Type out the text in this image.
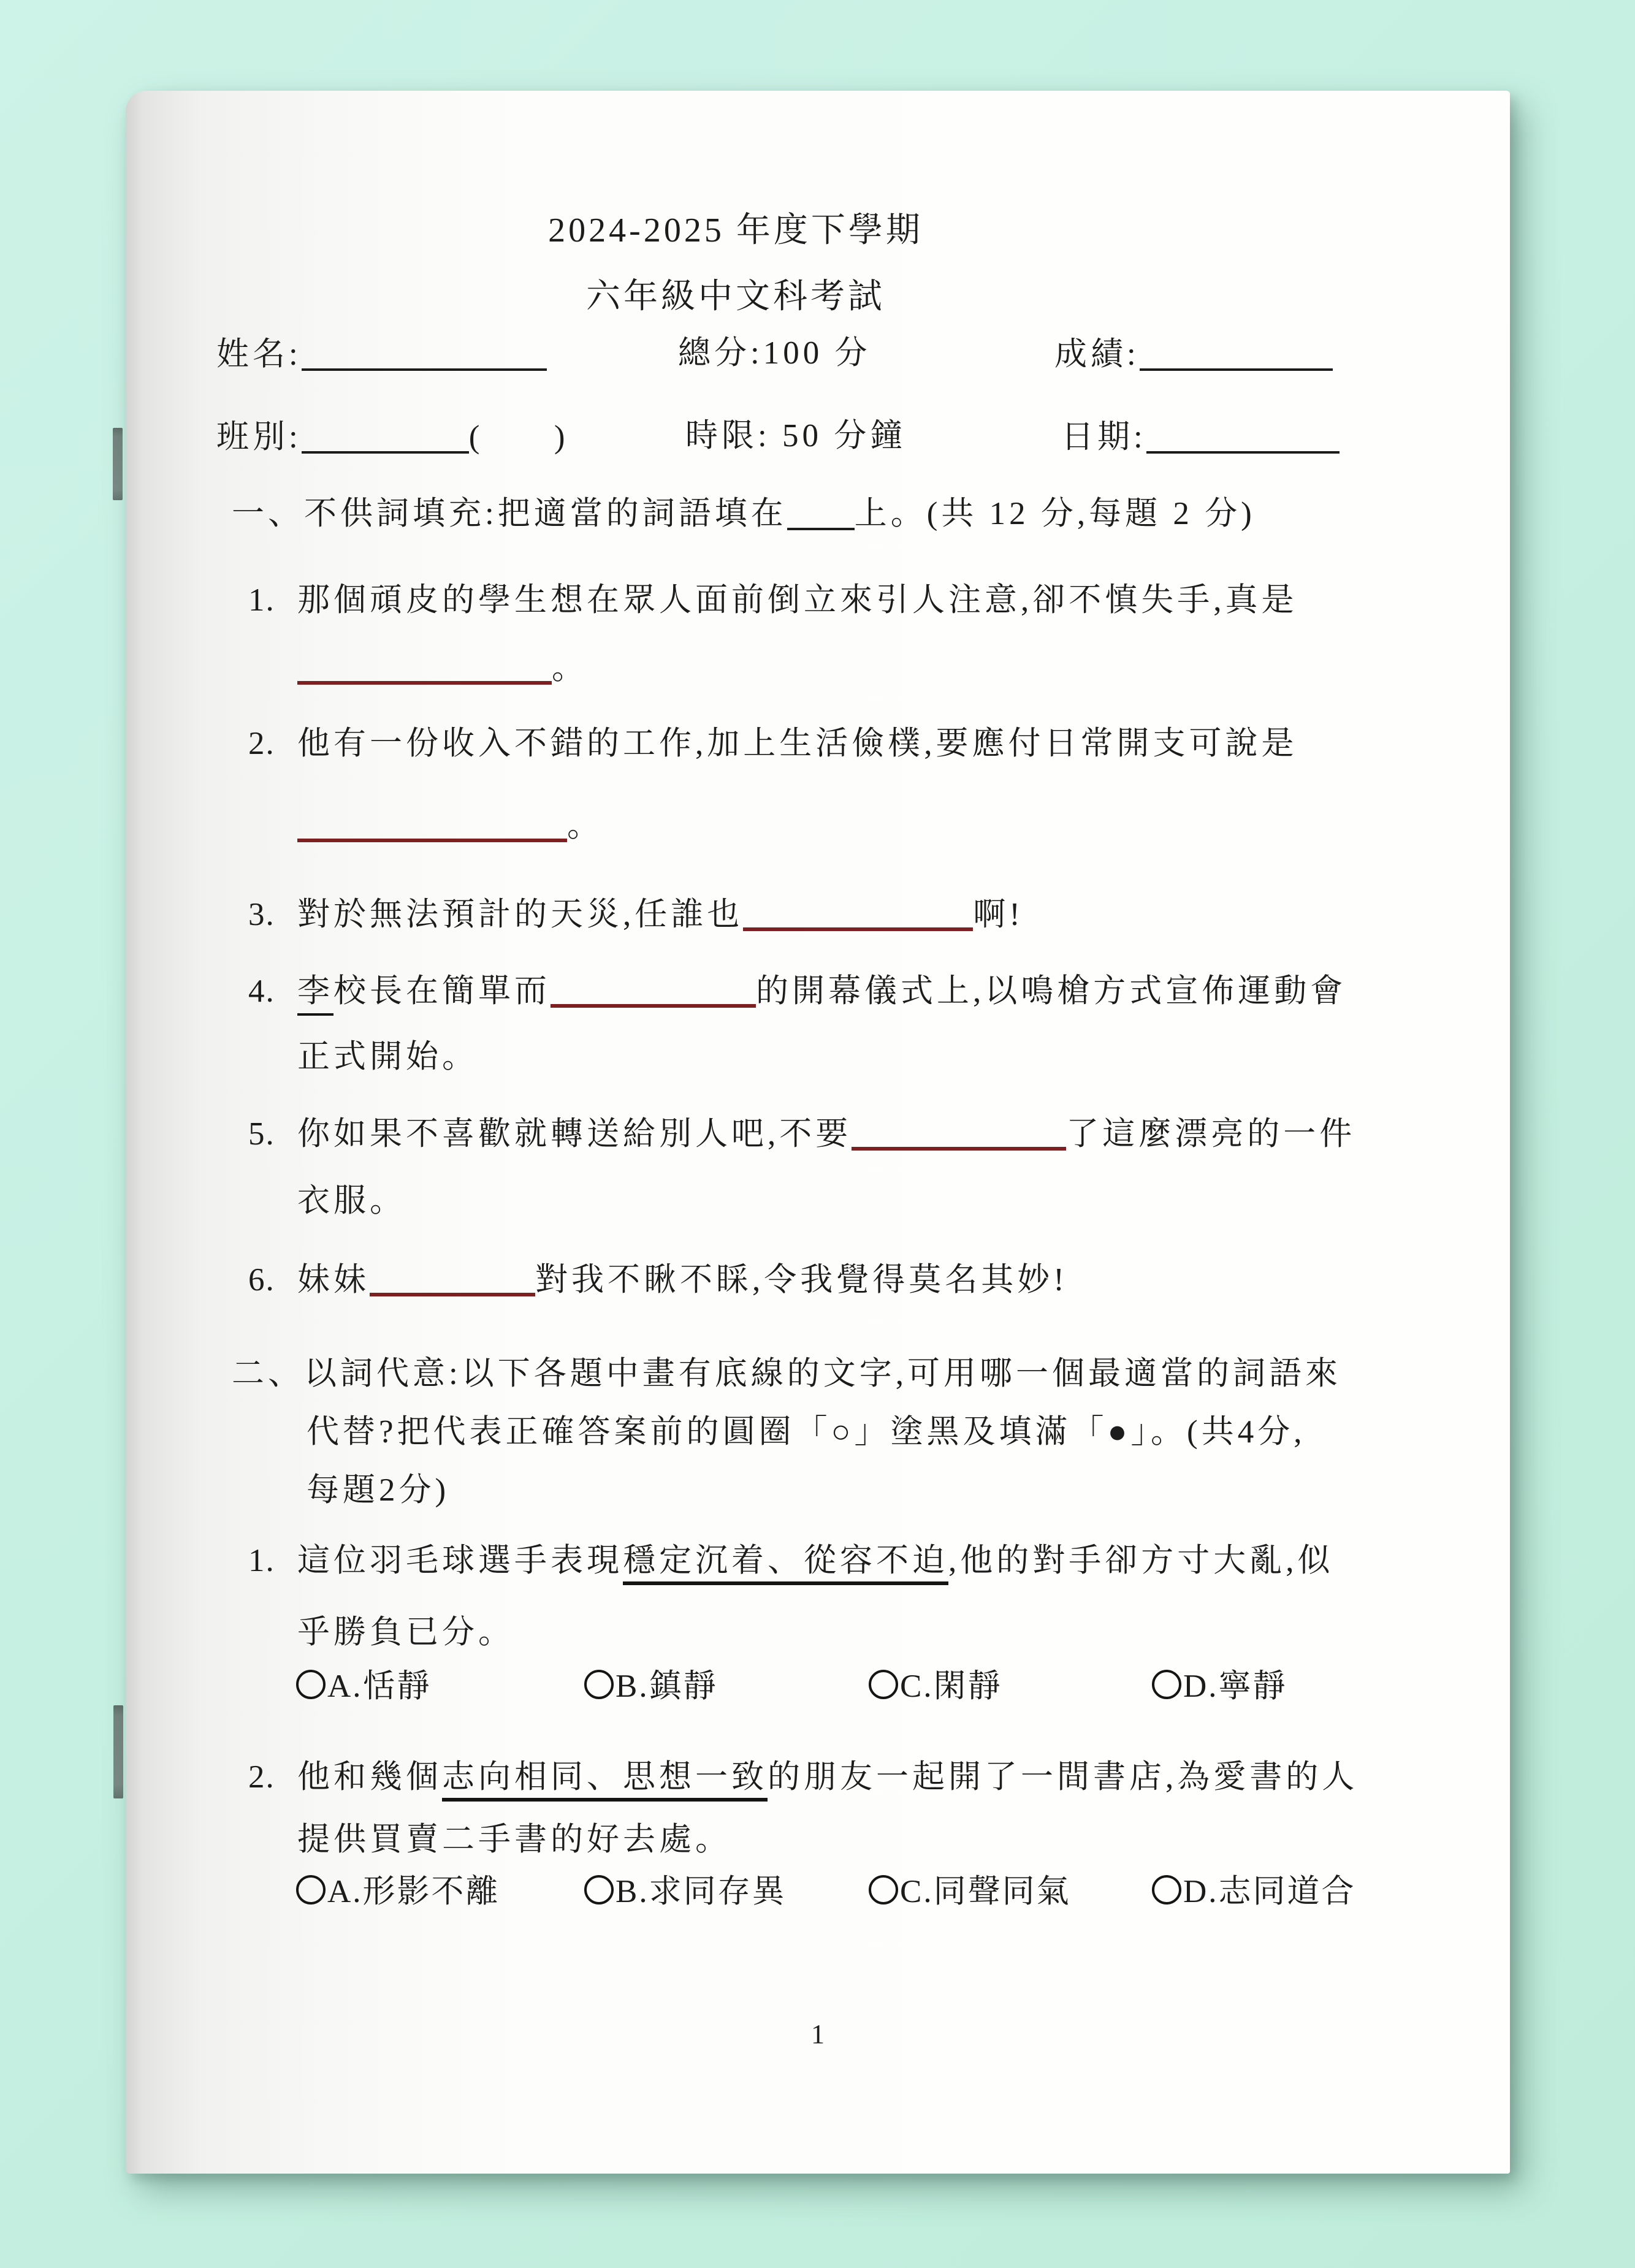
2024-2025 年度下學期
六年級中文科考試
姓名:	總分:100 分	成績:
班別:	(      )	時限: 50 分鐘	日期:
一、不供詞填充:把適當的詞語填在 上。(共 12 分,每題 2 分)
1. 那個頑皮的學生想在眾人面前倒立來引人注意,卻不慎失手,真是
。
2. 他有一份收入不錯的工作,加上生活儉樸,要應付日常開支可說是
。
3. 對於無法預計的天災,任誰也	啊!
4. 李校長在簡單而	的開幕儀式上,以鳴槍方式宣佈運動會
正式開始。
5. 你如果不喜歡就轉送給別人吧,不要	了這麼漂亮的一件
衣服。
6. 妹妹	對我不瞅不睬,令我覺得莫名其妙!
二、以詞代意:以下各題中畫有底線的文字,可用哪一個最適當的詞語來
代替?把代表正確答案前的圓圈「○」塗黑及填滿「●」。(共4分,
每題2分)
1. 這位羽毛球選手表現穩定沉着、從容不迫,他的對手卻方寸大亂,似
乎勝負已分。

A.恬靜

	B.鎮靜

	C.閑靜

	D.寧靜

2. 他和幾個志向相同、思想一致的朋友一起開了一間書店,為愛書的人
提供買賣二手書的好去處。

A.形影不離

	B.求同存異

	C.同聲同氣

	D.志同道合

1
